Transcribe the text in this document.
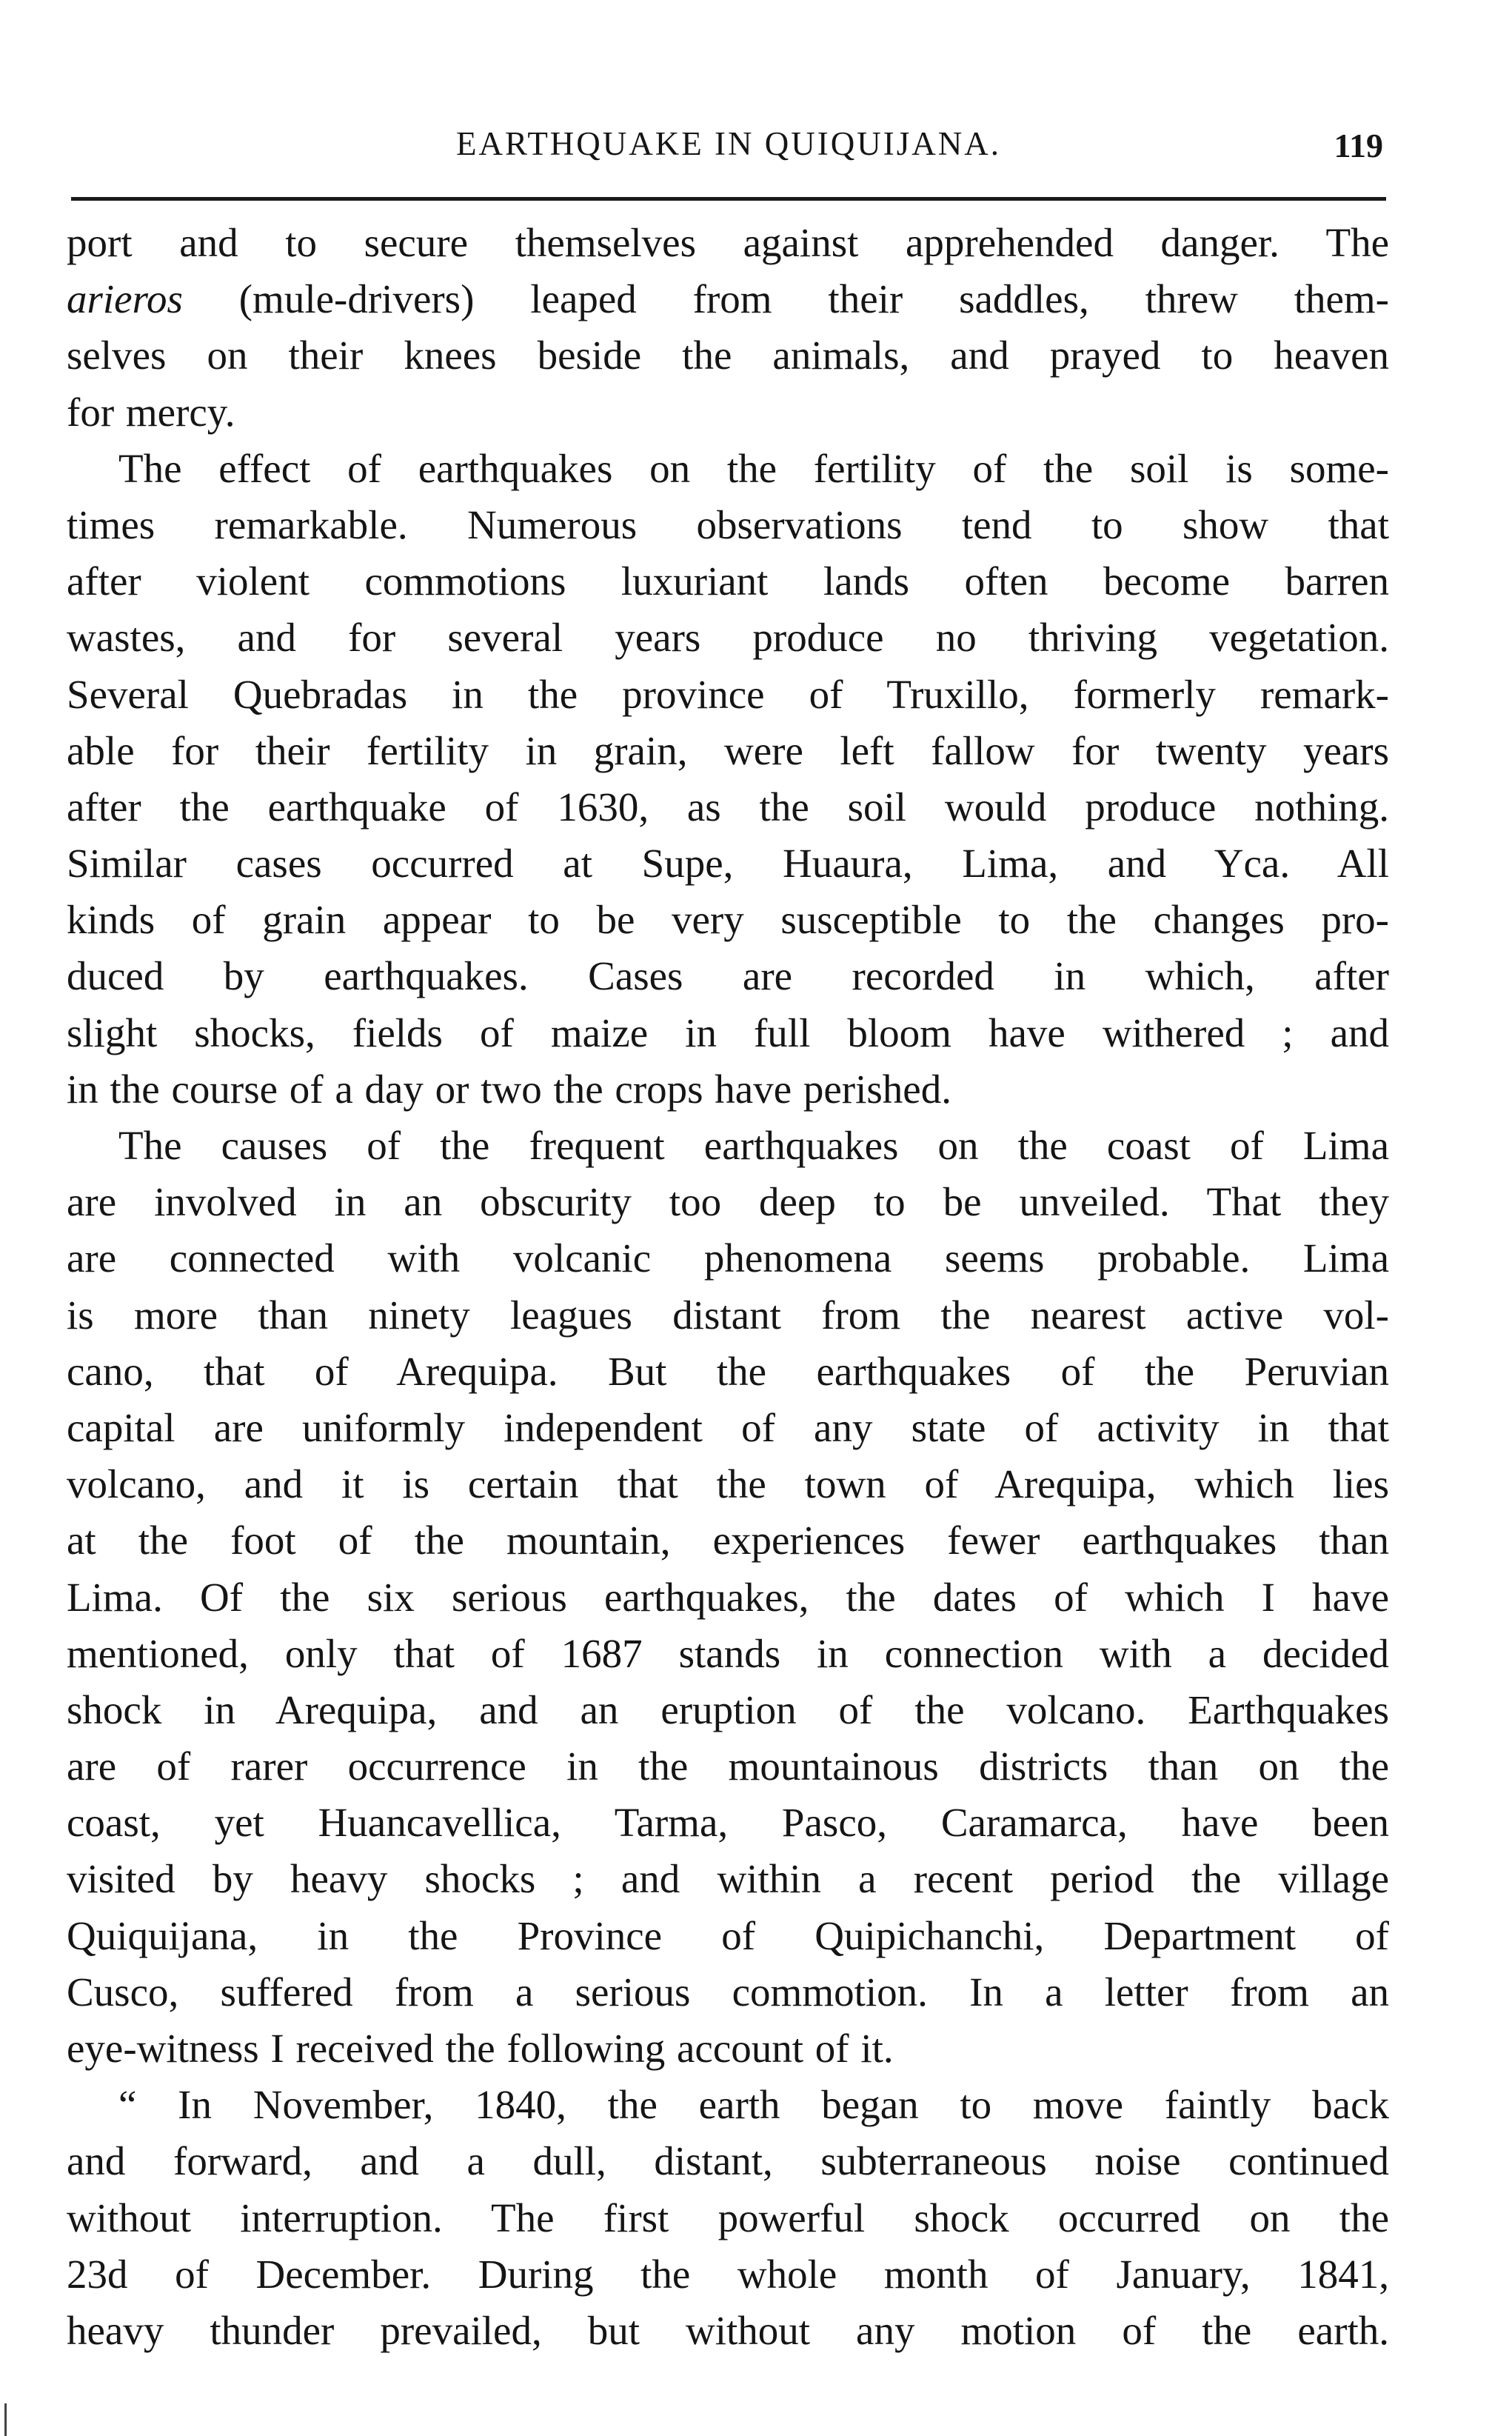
EARTHQUAKE IN QUIQUIJANA.	119
port and to secure themselves against apprehended danger. The
arieros (mule-drivers) leaped from their saddles, threw them-
selves on their knees beside the animals, and prayed to heaven
for mercy.
The effect of earthquakes on the fertility of the soil is some-
times remarkable. Numerous observations tend to show that
after violent commotions luxuriant lands often become barren
wastes, and for several years produce no thriving vegetation.
Several Quebradas in the province of Truxillo, formerly remark-
able for their fertility in grain, were left fallow for twenty years
after the earthquake of 1630, as the soil would produce nothing.
Similar cases occurred at Supe, Huaura, Lima, and Yca. All
kinds of grain appear to be very susceptible to the changes pro-
duced by earthquakes. Cases are recorded in which, after
slight shocks, fields of maize in full bloom have withered ; and
in the course of a day or two the crops have perished.
The causes of the frequent earthquakes on the coast of Lima
are involved in an obscurity too deep to be unveiled. That they
are connected with volcanic phenomena seems probable. Lima
is more than ninety leagues distant from the nearest active vol-
cano, that of Arequipa. But the earthquakes of the Peruvian
capital are uniformly independent of any state of activity in that
volcano, and it is certain that the town of Arequipa, which lies
at the foot of the mountain, experiences fewer earthquakes than
Lima. Of the six serious earthquakes, the dates of which I have
mentioned, only that of 1687 stands in connection with a decided
shock in Arequipa, and an eruption of the volcano. Earthquakes
are of rarer occurrence in the mountainous districts than on the
coast, yet Huancavellica, Tarma, Pasco, Caramarca, have been
visited by heavy shocks ; and within a recent period the village
Quiquijana, in the Province of Quipichanchi, Department of
Cusco, suffered from a serious commotion. In a letter from an
eye-witness I received the following account of it.
“ In November, 1840, the earth began to move faintly back
and forward, and a dull, distant, subterraneous noise continued
without interruption. The first powerful shock occurred on the
23d of December. During the whole month of January, 1841,
heavy thunder prevailed, but without any motion of the earth.
